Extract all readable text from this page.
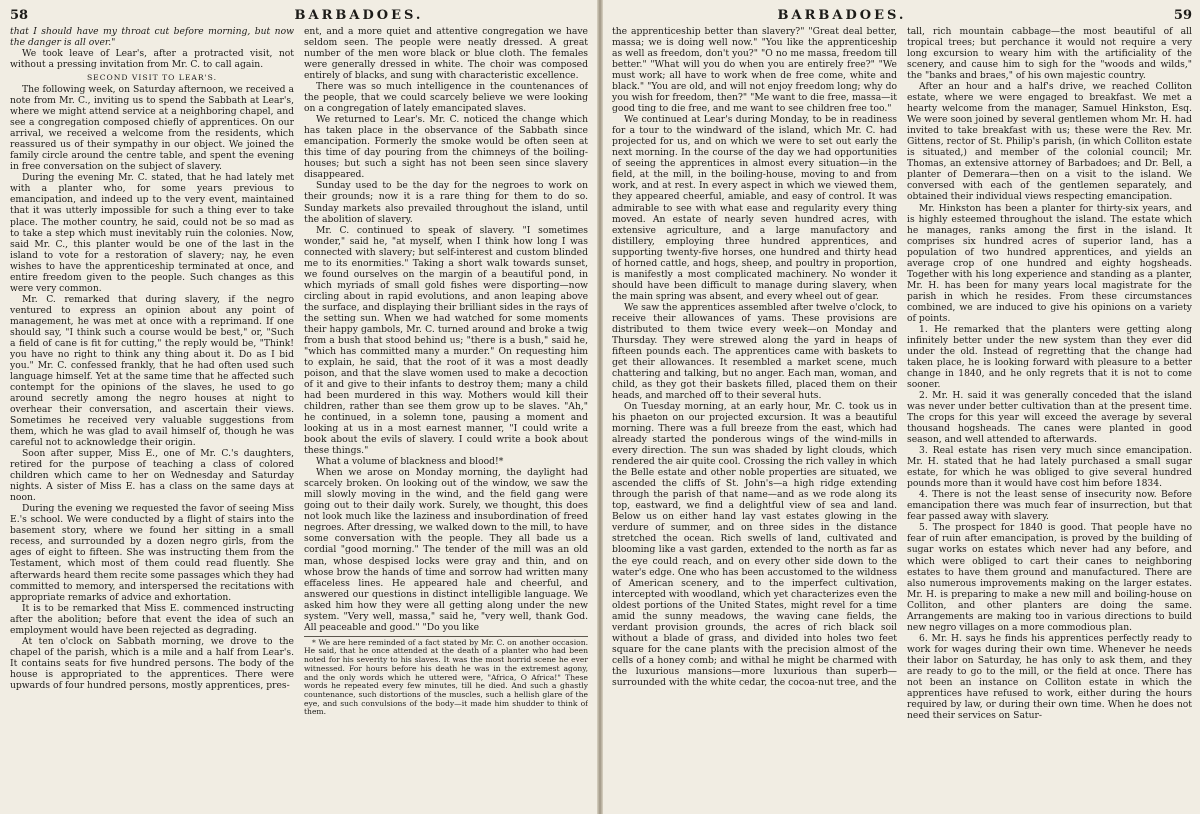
58	BARBADOES.

that I should have my throat cut before morning, but now the danger is all over."

We took leave of Lear's, after a protracted visit, not without a pressing invitation from Mr. C. to call again.

SECOND VISIT TO LEAR'S.

The following week, on Saturday afternoon, we received a note from Mr. C., inviting us to spend the Sabbath at Lear's, where we might attend service at a neighboring chapel, and see a congregation composed chiefly of apprentices. On our arrival, we received a welcome from the residents, which reassured us of their sympathy in our object. We joined the family circle around the centre table, and spent the evening in free conversation on the subject of slavery.

During the evening Mr. C. stated, that he had lately met with a planter who, for some years previous to emancipation, and indeed up to the very event, maintained that it was utterly impossible for such a thing ever to take place. The mother country, he said, could not be so mad as to take a step which must inevitably ruin the colonies. Now, said Mr. C., this planter would be one of the last in the island to vote for a restoration of slavery; nay, he even wishes to have the apprenticeship terminated at once, and entire freedom given to the people. Such changes as this were very common.

Mr. C. remarked that during slavery, if the negro ventured to express an opinion about any point of management, he was met at once with a reprimand. If one should say, "I think such a course would be best," or, "Such a field of cane is fit for cutting," the reply would be, "Think! you have no right to think any thing about it. Do as I bid you." Mr. C. confessed frankly, that he had often used such language himself. Yet at the same time that he affected such contempt for the opinions of the slaves, he used to go around secretly among the negro houses at night to overhear their conversation, and ascertain their views. Sometimes he received very valuable suggestions from them, which he was glad to avail himself of, though he was careful not to acknowledge their origin.

Soon after supper, Miss E., one of Mr. C.'s daughters, retired for the purpose of teaching a class of colored children which came to her on Wednesday and Saturday nights. A sister of Miss E. has a class on the same days at noon.

During the evening we requested the favor of seeing Miss E.'s school. We were conducted by a flight of stairs into the basement story, where we found her sitting in a small recess, and surrounded by a dozen negro girls, from the ages of eight to fifteen. She was instructing them from the Testament, which most of them could read fluently. She afterwards heard them recite some passages which they had committed to memory, and interspersed the recitations with appropriate remarks of advice and exhortation.

It is to be remarked that Miss E. commenced instructing after the abolition; before that event the idea of such an employment would have been rejected as degrading.

At ten o'clock on Sabbath morning, we drove to the chapel of the parish, which is a mile and a half from Lear's. It contains seats for five hundred persons. The body of the house is appropriated to the apprentices. There were upwards of four hundred persons, mostly apprentices, pres-

ent, and a more quiet and attentive congregation we have seldom seen. The people were neatly dressed. A great number of the men wore black or blue cloth. The females were generally dressed in white. The choir was composed entirely of blacks, and sung with characteristic excellence.

There was so much intelligence in the countenances of the people, that we could scarcely believe we were looking on a congregation of lately emancipated slaves.

We returned to Lear's. Mr. C. noticed the change which has taken place in the observance of the Sabbath since emancipation. Formerly the smoke would be often seen at this time of day pouring from the chimneys of the boiling-houses; but such a sight has not been seen since slavery disappeared.

Sunday used to be the day for the negroes to work on their grounds; now it is a rare thing for them to do so. Sunday markets also prevailed throughout the island, until the abolition of slavery.

Mr. C. continued to speak of slavery. "I sometimes wonder," said he, "at myself, when I think how long I was connected with slavery; but self-interest and custom blinded me to its enormities." Taking a short walk towards sunset, we found ourselves on the margin of a beautiful pond, in which myriads of small gold fishes were disporting—now circling about in rapid evolutions, and anon leaping above the surface, and displaying their brilliant sides in the rays of the setting sun. When we had watched for some moments their happy gambols, Mr. C. turned around and broke a twig from a bush that stood behind us; "there is a bush," said he, "which has committed many a murder." On requesting him to explain, he said, that the root of it was a most deadly poison, and that the slave women used to make a decoction of it and give to their infants to destroy them; many a child had been murdered in this way. Mothers would kill their children, rather than see them grow up to be slaves. "Ah," he continued, in a solemn tone, pausing a moment and looking at us in a most earnest manner, "I could write a book about the evils of slavery. I could write a book about these things."

What a volume of blackness and blood!*

When we arose on Monday morning, the daylight had scarcely broken. On looking out of the window, we saw the mill slowly moving in the wind, and the field gang were going out to their daily work. Surely, we thought, this does not look much like the laziness and insubordination of freed negroes. After dressing, we walked down to the mill, to have some conversation with the people. They all bade us a cordial "good morning." The tender of the mill was an old man, whose despised locks were gray and thin, and on whose brow the hands of time and sorrow had written many effaceless lines. He appeared hale and cheerful, and answered our questions in distinct intelligible language. We asked him how they were all getting along under the new system. "Very well, massa," said he, "very well, thank God. All peaceable and good." "Do you like

* We are here reminded of a fact stated by Mr. C. on another occasion. He said, that he once attended at the death of a planter who had been noted for his severity to his slaves. It was the most horrid scene he ever witnessed. For hours before his death he was in the extremest agony, and the only words which he uttered were, "Africa, O Africa!" These words he repeated every few minutes, till he died. And such a ghastly countenance, such distortions of the muscles, such a hellish glare of the eye, and such convulsions of the body—it made him shudder to think of them.

BARBADOES.	59

the apprenticeship better than slavery?" "Great deal better, massa; we is doing well now." "You like the apprenticeship as well as freedom, don't you?" "O no me massa, freedom till better." "What will you do when you are entirely free?" "We must work; all have to work when de free come, white and black." "You are old, and will not enjoy freedom long; why do you wish for freedom, then?" "Me want to die free, massa—it good ting to die free, and me want to see children free too."

We continued at Lear's during Monday, to be in readiness for a tour to the windward of the island, which Mr. C. had projected for us, and on which we were to set out early the next morning. In the course of the day we had opportunities of seeing the apprentices in almost every situation—in the field, at the mill, in the boiling-house, moving to and from work, and at rest. In every aspect in which we viewed them, they appeared cheerful, amiable, and easy of control. It was admirable to see with what ease and regularity every thing moved. An estate of nearly seven hundred acres, with extensive agriculture, and a large manufactory and distillery, employing three hundred apprentices, and supporting twenty-five horses, one hundred and thirty head of horned cattle, and hogs, sheep, and poultry in proportion, is manifestly a most complicated machinery. No wonder it should have been difficult to manage during slavery, when the main spring was absent, and every wheel out of gear.

We saw the apprentices assembled after twelve o'clock, to receive their allowances of yams. These provisions are distributed to them twice every week—on Monday and Thursday. They were strewed along the yard in heaps of fifteen pounds each. The apprentices came with baskets to get their allowances. It resembled a market scene, much chattering and talking, but no anger. Each man, woman, and child, as they got their baskets filled, placed them on their heads, and marched off to their several huts.

On Tuesday morning, at an early hour, Mr. C. took us in his phaeton on our projected excursion. It was a beautiful morning. There was a full breeze from the east, which had already started the ponderous wings of the wind-mills in every direction. The sun was shaded by light clouds, which rendered the air quite cool. Crossing the rich valley in which the Belle estate and other noble properties are situated, we ascended the cliffs of St. John's—a high ridge extending through the parish of that name—and as we rode along its top, eastward, we find a delightful view of sea and land. Below us on either hand lay vast estates glowing in the verdure of summer, and on three sides in the distance stretched the ocean. Rich swells of land, cultivated and blooming like a vast garden, extended to the north as far as the eye could reach, and on every other side down to the water's edge. One who has been accustomed to the wildness of American scenery, and to the imperfect cultivation, intercepted with woodland, which yet characterizes even the oldest portions of the United States, might revel for a time amid the sunny meadows, the waving cane fields, the verdant provision grounds, the acres of rich black soil without a blade of grass, and divided into holes two feet square for the cane plants with the precision almost of the cells of a honey comb; and withal he might be charmed with the luxurious mansions—more luxurious than superb—surrounded with the white cedar, the cocoa-nut tree, and the

tall, rich mountain cabbage—the most beautiful of all tropical trees; but perchance it would not require a very long excursion to weary him with the artificiality of the scenery, and cause him to sigh for the "woods and wilds," the "banks and braes," of his own majestic country.

After an hour and a half's drive, we reached Colliton estate, where we were engaged to breakfast. We met a hearty welcome from the manager, Samuel Hinkston, Esq. We were soon joined by several gentlemen whom Mr. H. had invited to take breakfast with us; these were the Rev. Mr. Gittens, rector of St. Philip's parish, (in which Colliton estate is situated,) and member of the colonial council; Mr. Thomas, an extensive attorney of Barbadoes; and Dr. Bell, a planter of Demerara—then on a visit to the island. We conversed with each of the gentlemen separately, and obtained their individual views respecting emancipation.

Mr. Hinkston has been a planter for thirty-six years, and is highly esteemed throughout the island. The estate which he manages, ranks among the first in the island. It comprises six hundred acres of superior land, has a population of two hundred apprentices, and yields an average crop of one hundred and eighty hogsheads. Together with his long experience and standing as a planter, Mr. H. has been for many years local magistrate for the parish in which he resides. From these circumstances combined, we are induced to give his opinions on a variety of points.

1. He remarked that the planters were getting along infinitely better under the new system than they ever did under the old. Instead of regretting that the change had taken place, he is looking forward with pleasure to a better change in 1840, and he only regrets that it is not to come sooner.

2. Mr. H. said it was generally conceded that the island was never under better cultivation than at the present time. The crops for this year will exceed the average by several thousand hogsheads. The canes were planted in good season, and well attended to afterwards.

3. Real estate has risen very much since emancipation. Mr. H. stated that he had lately purchased a small sugar estate, for which he was obliged to give several hundred pounds more than it would have cost him before 1834.

4. There is not the least sense of insecurity now. Before emancipation there was much fear of insurrection, but that fear passed away with slavery.

5. The prospect for 1840 is good. That people have no fear of ruin after emancipation, is proved by the building of sugar works on estates which never had any before, and which were obliged to cart their canes to neighboring estates to have them ground and manufactured. There are also numerous improvements making on the larger estates. Mr. H. is preparing to make a new mill and boiling-house on Colliton, and other planters are doing the same. Arrangements are making too in various directions to build new negro villages on a more commodious plan.

6. Mr. H. says he finds his apprentices perfectly ready to work for wages during their own time. Whenever he needs their labor on Saturday, he has only to ask them, and they are ready to go to the mill, or the field at once. There has not been an instance on Colliton estate in which the apprentices have refused to work, either during the hours required by law, or during their own time. When he does not need their services on Satur-
